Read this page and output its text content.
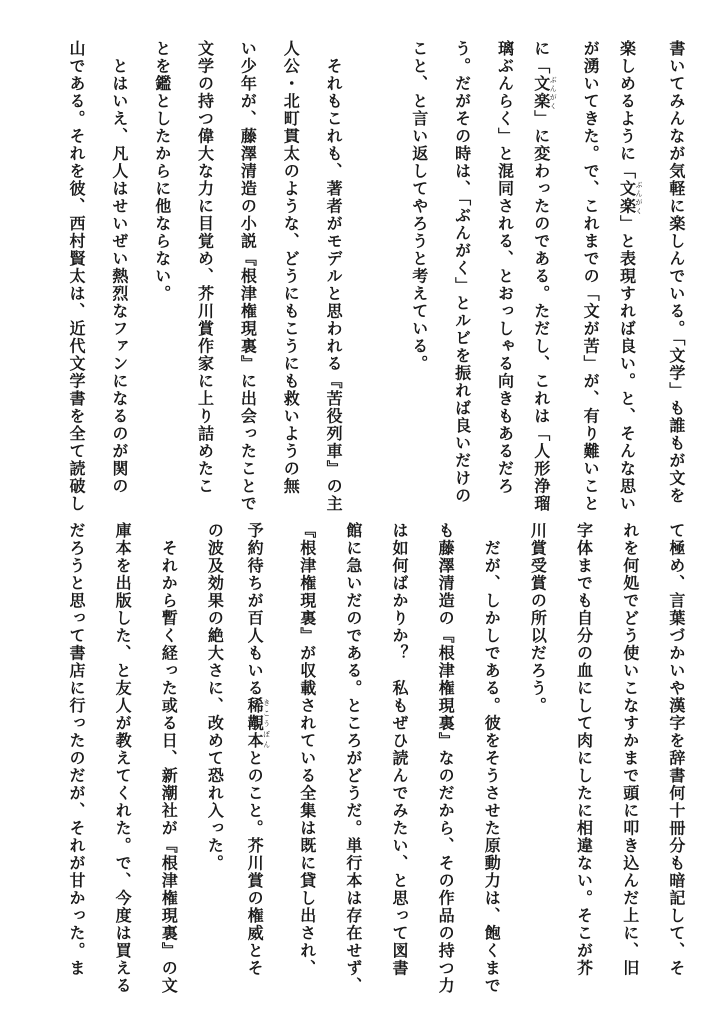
書いてみんなが気軽に楽しんでいる。「文学」も誰もが文を
楽しめるように「文楽ぶんがく」と表現すれば良い。と、そんな思い
が湧いてきた。で、これまでの「文が苦」が、有り難いこと
に「文楽ぶんがく」に変わったのである。ただし、これは「人形浄瑠
璃ぶんらく」と混同される、とおっしゃる向きもあるだろ
う。だがその時は、「ぶんがく」とルビを振れば良いだけの
こと、と言い返してやろうと考えている。
　それもこれも、著者がモデルと思われる『苦役列車』の主
人公・北町貫太のような、どうにもこうにも救いようの無
い少年が、藤澤清造の小説『根津権現裏』に出会ったことで
文学の持つ偉大な力に目覚め、芥川賞作家に上り詰めたこ
とを鑑としたからに他ならない。
　とはいえ、凡人はせいぜい熱烈なファンになるのが関の
山である。それを彼、西村賢太は、近代文学書を全て読破し
て極め、言葉づかいや漢字を辞書何十冊分も暗記して、そ
れを何処でどう使いこなすかまで頭に叩き込んだ上に、旧
字体までも自分の血にして肉にしたに相違ない。そこが芥
川賞受賞の所以だろう。
　だが、しかしである。彼をそうさせた原動力は、飽くまで
も藤澤清造の『根津権現裏』なのだから、その作品の持つ力
は如何ばかりか？　私もぜひ読んでみたい、と思って図書
館に急いだのである。ところがどうだ。単行本は存在せず、
『根津権現裏』が収載されている全集は既に貸し出され、
予約待ちが百人もいる稀覯本きこうぼんとのこと。芥川賞の権威とそ
の波及効果の絶大さに、改めて恐れ入った。
　それから暫く経った或る日、新潮社が『根津権現裏』の文
庫本を出版した、と友人が教えてくれた。で、今度は買える
だろうと思って書店に行ったのだが、それが甘かった。ま
